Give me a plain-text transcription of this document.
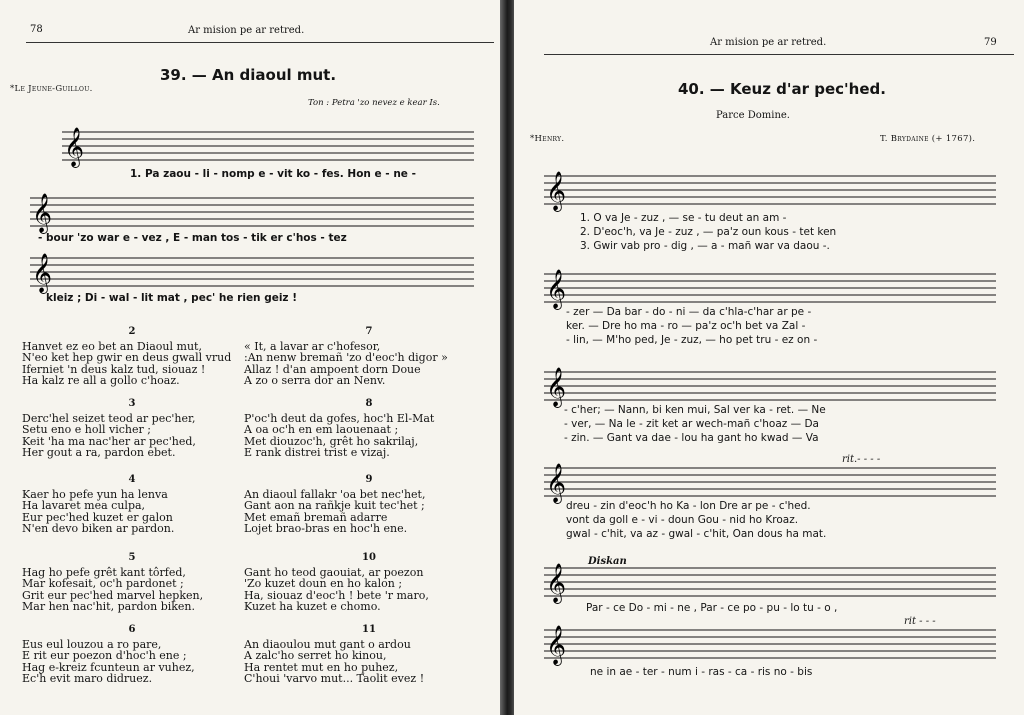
78	Ar mision pe ar retred.
39. — An diaoul mut.
*Le Jeune-Guillou.
Ton : Petra 'zo nevez e kear Is.
𝄞
1. Pa zaou - li - nomp e - vit ko - fes. Hon e - ne -
𝄞
- bour 'zo war e - vez , E - man tos - tik er c'hos - tez
𝄞
kleiz ; Di - wal - lit mat , pec' he rien geiz !
2
Hanvet ez eo bet an Diaoul mut,
N'eo ket hep gwir en deus gwall vrud
Iferniet 'n deus kalz tud, siouaz !
Ha kalz re all a gollo c'hoaz.
3
Derc'hel seizet teod ar pec'her,
Setu eno e holl vicher ;
Keit 'ha ma nac'her ar pec'hed,
Her gout a ra, pardon ebet.
4
Kaer ho pefe yun ha lenva
Ha lavaret mea culpa,
Eur pec'hed kuzet er galon
N'en devo biken ar pardon.
5
Hag ho pefe grêt kant tôrfed,
Mar kofesait, oc'h pardonet ;
Grit eur pec'hed marvel hepken,
Mar hen nac'hit, pardon biken.
6
Eus eul louzou a ro pare,
E rit eur poezon d'hoc'h ene ;
Hag e-kreiz fcunteun ar vuhez,
Ec'h evit maro didruez.
7
« It, a lavar ar c'hofesor,
:An nenw bremañ 'zo d'eoc'h digor »
Allaz ! d'an ampoent dorn Doue
A zo o serra dor an Nenv.
8
P'oc'h deut da gofes, hoc'h El-Mat
A oa oc'h en em laouenaat ;
Met diouzoc'h, grêt ho sakrilaj,
E rank distrei trist e vizaj.
9
An diaoul fallakr 'oa bet nec'het,
Gant aon na rañkje kuit tec'het ;
Met emañ bremañ adarre
Lojet brao-bras en hoc'h ene.
10
Gant ho teod gaouiat, ar poezon
'Zo kuzet doun en ho kalon ;
Ha, siouaz d'eoc'h ! bete 'r maro,
Kuzet ha kuzet e chomo.
11
An diaoulou mut gant o ardou
A zalc'ho serret ho kinou,
Ha rentet mut en ho puhez,
C'houi 'varvo mut... Taolit evez !
Ar mision pe ar retred.	79
40. — Keuz d'ar pec'hed.
Parce Domine.
*Henry.	T. Brydaine (+ 1767).
𝄞
1. O va Je - zuz , — se - tu deut an am -
2. D'eoc'h, va Je - zuz , — pa'z oun kous - tet ken
3. Gwir vab pro - dig , — a - mañ war va daou -.
𝄞
- zer — Da bar - do - ni — da c'hla-c'har ar pe -
ker. — Dre ho ma - ro — pa'z oc'h bet va Zal -
- lin, — M'ho ped, Je - zuz, — ho pet tru - ez on -
𝄞
- c'her; — Nann, bi ken mui, Sal ver ka - ret. — Ne
- ver, — Na le - zit ket ar wech-mañ c'hoaz — Da
- zin. — Gant va dae - lou ha gant ho kwad — Va
rit.- - - -
𝄞
dreu - zin d'eoc'h ho Ka - lon Dre ar pe - c'hed.
vont da goll e - vi - doun Gou - nid ho Kroaz.
gwal - c'hit, va az - gwal - c'hit, Oan dous ha mat.
Diskan
𝄞
Par - ce Do - mi - ne , Par - ce po - pu - lo tu - o ,
rit - - -
𝄞
ne in ae - ter - num i - ras - ca - ris no - bis
